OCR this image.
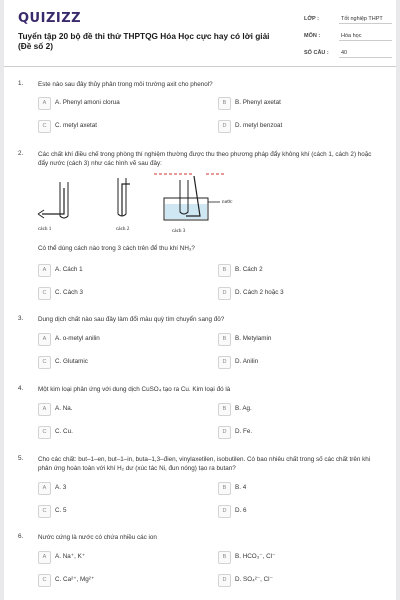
QUIZIZZ
Tuyển tập 20 bộ đề thi thử THPTQG Hóa Học cực hay có lời giải (Đề số 2)
LỚP :	Tốt nghiệp THPT
MÔN :	Hóa học
SỐ CÂU : 40
1. Este nào sau đây thủy phân trong môi trường axit cho phenol?
A	A. Phenyl amoni clorua	B	B. Phenyl axetat
C	C. metyl axetat	D	D. metyl benzoat
2. Các chất khí điều chế trong phòng thí nghiệm thường được thu theo phương pháp đẩy không khí (cách 1, cách 2) hoặc đẩy nước (cách 3) như các hình vẽ sau đây:
cách 1	cách 2	cách 3
nước
Có thể dùng cách nào trong 3 cách trên để thu khí NH₃?
A	A. Cách 1	B	B. Cách 2
C	C. Cách 3	D	D. Cách 2 hoặc 3
3. Dung dịch chất nào sau đây làm đổi màu quỳ tím chuyển sang đỏ?
A	A. o-metyl anilin	B	B. Metylamin
C	C. Glutamic	D	D. Anilin
4. Một kim loại phản ứng với dung dịch CuSO₄ tạo ra Cu. Kim loại đó là
A	A. Na.	B	B. Ag.
C	C. Cu.	D	D. Fe.
5. Cho các chất: but–1–en, but–1–in, buta–1,3–đien, vinylaxetilen, isobutilen. Có bao nhiêu chất trong số các chất trên khi phản ứng hoàn toàn với khí H₂ dư (xúc tác Ni, đun nóng) tạo ra butan?
A	A. 3	B	B. 4
C	C. 5	D	D. 6
6. Nước cứng là nước có chứa nhiều các ion
A	A. Na⁺, K⁺	B	B. HCO₃⁻, Cl⁻
C	C. Ca²⁺, Mg²⁺	D	D. SO₄²⁻, Cl⁻
